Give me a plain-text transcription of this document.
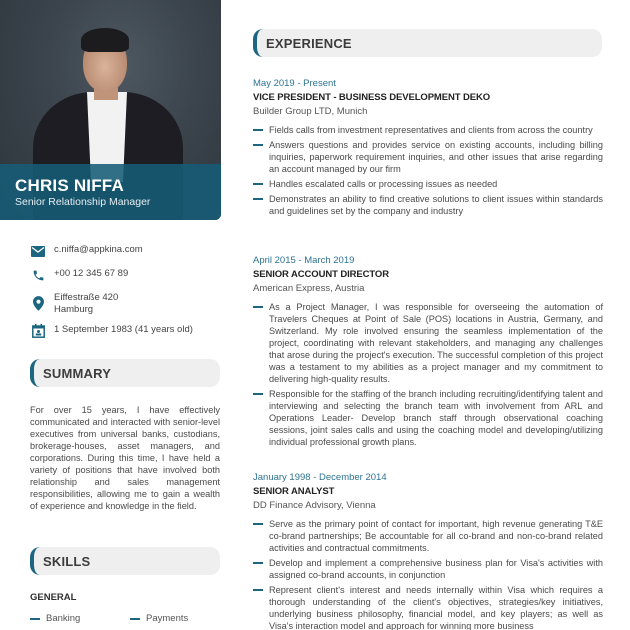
CHRIS NIFFA
Senior Relationship Manager
c.niffa@appkina.com
+00 12 345 67 89
Eiffestraße 420
Hamburg
1 September 1983 (41 years old)
SUMMARY
For over 15 years, I have effectively communicated and interacted with senior-level executives from universal banks, custodians, brokerage-houses, asset managers, and corporations. During this time, I have held a variety of positions that have involved both relationship and sales management responsibilities, allowing me to gain a wealth of experience and knowledge in the field.
SKILLS
GENERAL
Banking	Payments
EXPERIENCE
May 2019 - Present
VICE PRESIDENT - BUSINESS DEVELOPMENT DEKO
Builder Group LTD, Munich
Fields calls from investment representatives and clients from across the country
Answers questions and provides service on existing accounts, including billing inquiries, paperwork requirement inquiries, and other issues that arise regarding an account managed by our firm
Handles escalated calls or processing issues as needed
Demonstrates an ability to find creative solutions to client issues within standards and guidelines set by the company and industry
April 2015 - March 2019
SENIOR ACCOUNT DIRECTOR
American Express, Austria
As a Project Manager, I was responsible for overseeing the automation of Travelers Cheques at Point of Sale (POS) locations in Austria, Germany, and Switzerland. My role involved ensuring the seamless implementation of the project, coordinating with relevant stakeholders, and managing any challenges that arose during the project's execution. The successful completion of this project was a testament to my abilities as a project manager and my commitment to delivering high-quality results.
Responsible for the staffing of the branch including recruiting/identifying talent and interviewing and selecting the branch team with involvement from ARL and Operations Leader- Develop branch staff through observational coaching sessions, joint sales calls and using the coaching model and developing/utilizing individual professional growth plans.
January 1998 - December 2014
SENIOR ANALYST
DD Finance Advisory, Vienna
Serve as the primary point of contact for important, high revenue generating T&E co-brand partnerships; Be accountable for all co-brand and non-co-brand related activities and contractual commitments.
Develop and implement a comprehensive business plan for Visa's activities with assigned co-brand accounts, in conjunction
Represent client's interest and needs internally within Visa which requires a thorough understanding of the client's objectives, strategies/key initiatives, underlying business philosophy, financial model, and key players; as well as Visa's interaction model and approach for winning more business
